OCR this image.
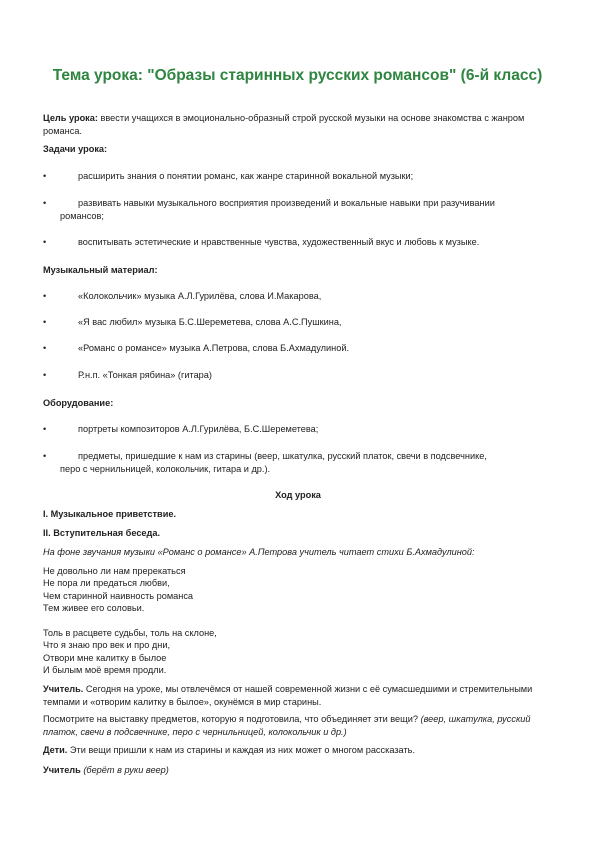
Тема урока: "Образы старинных русских романсов" (6-й класс)
Цель урока: ввести учащихся в эмоционально-образный строй русской музыки на основе знакомства с жанром романса.
Задачи урока:
•	расширить знания о понятии романс, как жанре старинной вокальной музыки;
•	развивать навыки музыкального восприятия произведений и вокальные навыки при разучивании
романсов;
•	воспитывать эстетические и нравственные чувства, художественный вкус и любовь к музыке.
Музыкальный материал:
•	«Колокольчик» музыка А.Л.Гурилёва, слова И.Макарова,
•	«Я вас любил» музыка Б.С.Шереметева, слова А.С.Пушкина,
•	«Романс о романсе» музыка А.Петрова, слова Б.Ахмадулиной.
•	Р.н.п. «Тонкая рябина» (гитара)
Оборудование:
•	портреты композиторов А.Л.Гурилёва, Б.С.Шереметева;
•	предметы, пришедшие к нам из старины (веер, шкатулка, русский платок, свечи в подсвечнике,
перо с чернильницей, колокольчик, гитара и др.).
Ход урока
I. Музыкальное приветствие.
II. Вступительная беседа.
На фоне звучания музыки «Романс о романсе» А.Петрова учитель читает стихи Б.Ахмадулиной:
Не довольно ли нам пререкаться
Не пора ли предаться любви,
Чем старинной наивность романса
Тем живее его соловьи.
Толь в расцвете судьбы, толь на склоне,
Что я знаю про век и про дни,
Отвори мне калитку в былое
И былым моё время продли.
Учитель. Сегодня на уроке, мы отвлечёмся от нашей современной жизни с её сумасшедшими и стремительными темпами и «отворим калитку в былое», окунёмся в мир старины.
Посмотрите на выставку предметов, которую я подготовила, что объединяет эти вещи? (веер, шкатулка, русский платок, свечи в подсвечнике, перо с чернильницей, колокольчик и др.)
Дети. Эти вещи пришли к нам из старины и каждая из них может о многом рассказать.
Учитель (берёт в руки веер)
